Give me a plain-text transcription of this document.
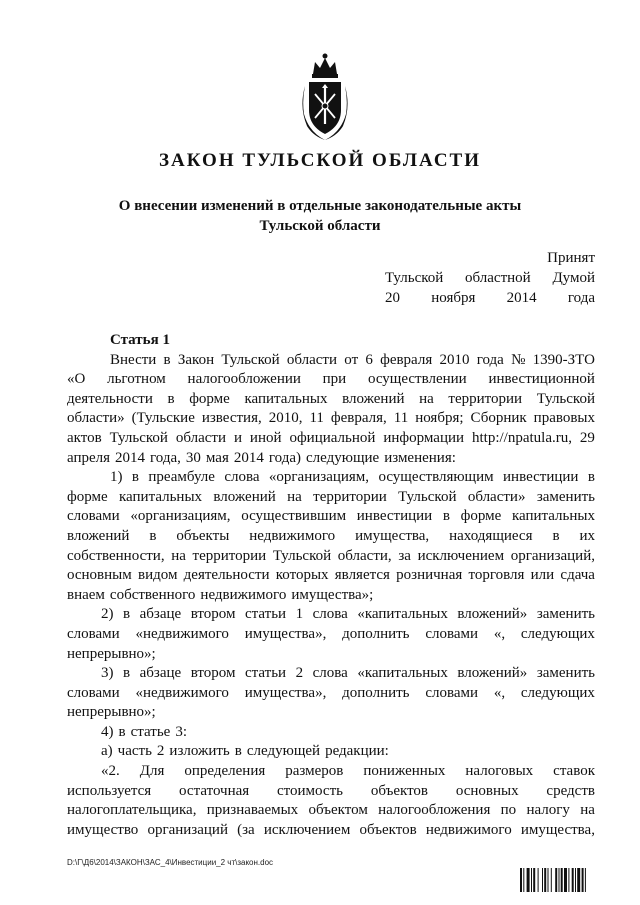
ЗАКОН ТУЛЬСКОЙ ОБЛАСТИ
О внесении изменений в отдельные законодательные акты
Тульской области
Принят
Тульской областной Думой
20 ноября 2014 года
Статья 1
Внести в Закон Тульской области от 6 февраля 2010 года № 1390-ЗТО
«О льготном налогообложении при осуществлении инвестиционной
деятельности в форме капитальных вложений на территории Тульской
области» (Тульские известия, 2010, 11 февраля, 11 ноября; Сборник правовых
актов Тульской области и иной официальной информации http://npatula.ru, 29
апреля 2014 года, 30 мая 2014 года) следующие изменения:
1) в преамбуле слова «организациям, осуществляющим инвестиции в
форме капитальных вложений на территории Тульской области» заменить
словами «организациям, осуществившим инвестиции в форме капитальных
вложений в объекты недвижимого имущества, находящиеся в их
собственности, на территории Тульской области, за исключением организаций,
основным видом деятельности которых является розничная торговля или сдача
внаем собственного недвижимого имущества»;
2) в абзаце втором статьи 1 слова «капитальных вложений» заменить
словами «недвижимого имущества», дополнить словами «, следующих
непрерывно»;
3) в абзаце втором статьи 2 слова «капитальных вложений» заменить
словами «недвижимого имущества», дополнить словами «, следующих
непрерывно»;
4) в статье 3:
а) часть 2 изложить в следующей редакции:
«2. Для определения размеров пониженных налоговых ставок
используется остаточная стоимость объектов основных средств
налогоплательщика, признаваемых объектом налогообложения по налогу на
имущество организаций (за исключением объектов недвижимого имущества,
D:\Г\Д6\2014\ЗАКОН\ЗАС_4\Инвестиции_2 чт\закон.doc
